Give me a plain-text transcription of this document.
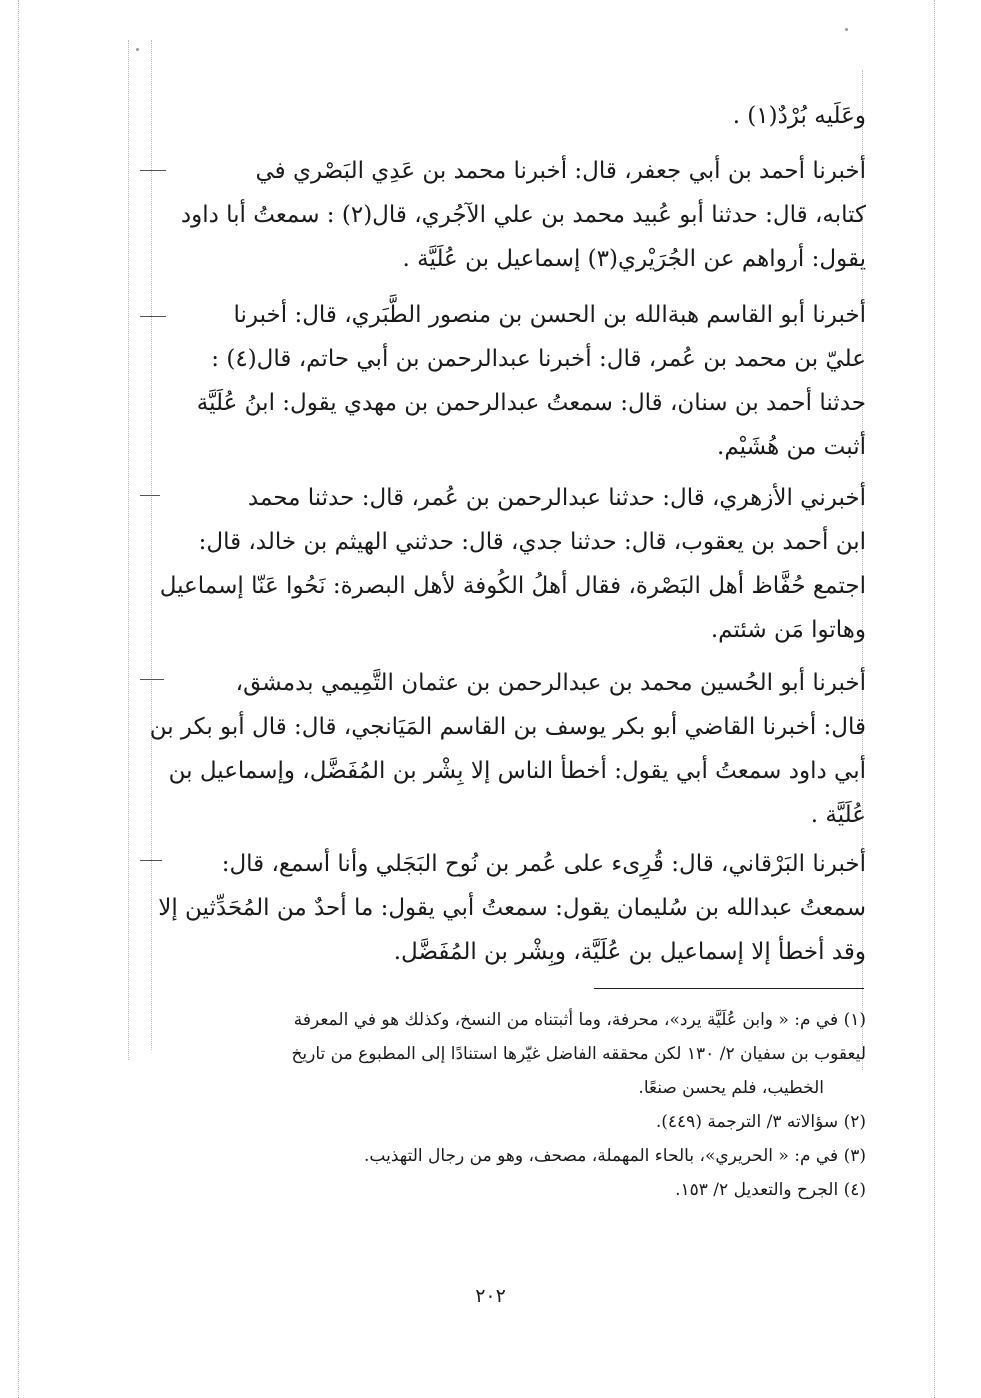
وعَلَيه بُرْدٌ(١) .
أخبرنا أحمد بن أبي جعفر، قال: أخبرنا محمد بن عَدِي البَصْري في
كتابه، قال: حدثنا أبو عُبيد محمد بن علي الآجُري، قال(٢) : سمعتُ أبا داود
يقول: أرواهم عن الجُرَيْري(٣) إسماعيل بن عُلَيَّة .
أخبرنا أبو القاسم هبةالله بن الحسن بن منصور الطَّبَري، قال: أخبرنا
عليّ بن محمد بن عُمر، قال: أخبرنا عبدالرحمن بن أبي حاتم، قال(٤) :
حدثنا أحمد بن سنان، قال: سمعتُ عبدالرحمن بن مهدي يقول: ابنُ عُلَيَّة
أثبت من هُشَيْم.
أخبرني الأزهري، قال: حدثنا عبدالرحمن بن عُمر، قال: حدثنا محمد
ابن أحمد بن يعقوب، قال: حدثنا جدي، قال: حدثني الهيثم بن خالد، قال:
اجتمع حُفَّاظ أهل البَصْرة، فقال أهلُ الكُوفة لأهل البصرة: نَحُوا عَنّا إسماعيل
وهاتوا مَن شئتم.
أخبرنا أبو الحُسين محمد بن عبدالرحمن بن عثمان التَّمِيمي بدمشق،
قال: أخبرنا القاضي أبو بكر يوسف بن القاسم المَيَانجي، قال: قال أبو بكر بن
أبي داود سمعتُ أبي يقول: أخطأ الناس إلا بِشْر بن المُفَضَّل، وإسماعيل بن
عُلَيَّة .
أخبرنا البَرْقاني، قال: قُرِىء على عُمر بن نُوح البَجَلي وأنا أسمع، قال:
سمعتُ عبدالله بن سُليمان يقول: سمعتُ أبي يقول: ما أحدٌ من المُحَدِّثين إلا
وقد أخطأ إلا إسماعيل بن عُلَيَّة، وبِشْر بن المُفَضَّل.
(١) في م: « وابن عُلَيَّة يرد»، محرفة، وما أثبتناه من النسخ، وكذلك هو في المعرفة
ليعقوب بن سفيان ٢/ ١٣٠ لكن محققه الفاضل غيّرها استنادًا إلى المطبوع من تاريخ
الخطيب، فلم يحسن صنعًا.
(٢) سؤالاته ٣/ الترجمة (٤٤٩).
(٣) في م: « الحريري»، بالحاء المهملة، مصحف، وهو من رجال التهذيب.
(٤) الجرح والتعديل ٢/ ١٥٣.
٢٠٢
